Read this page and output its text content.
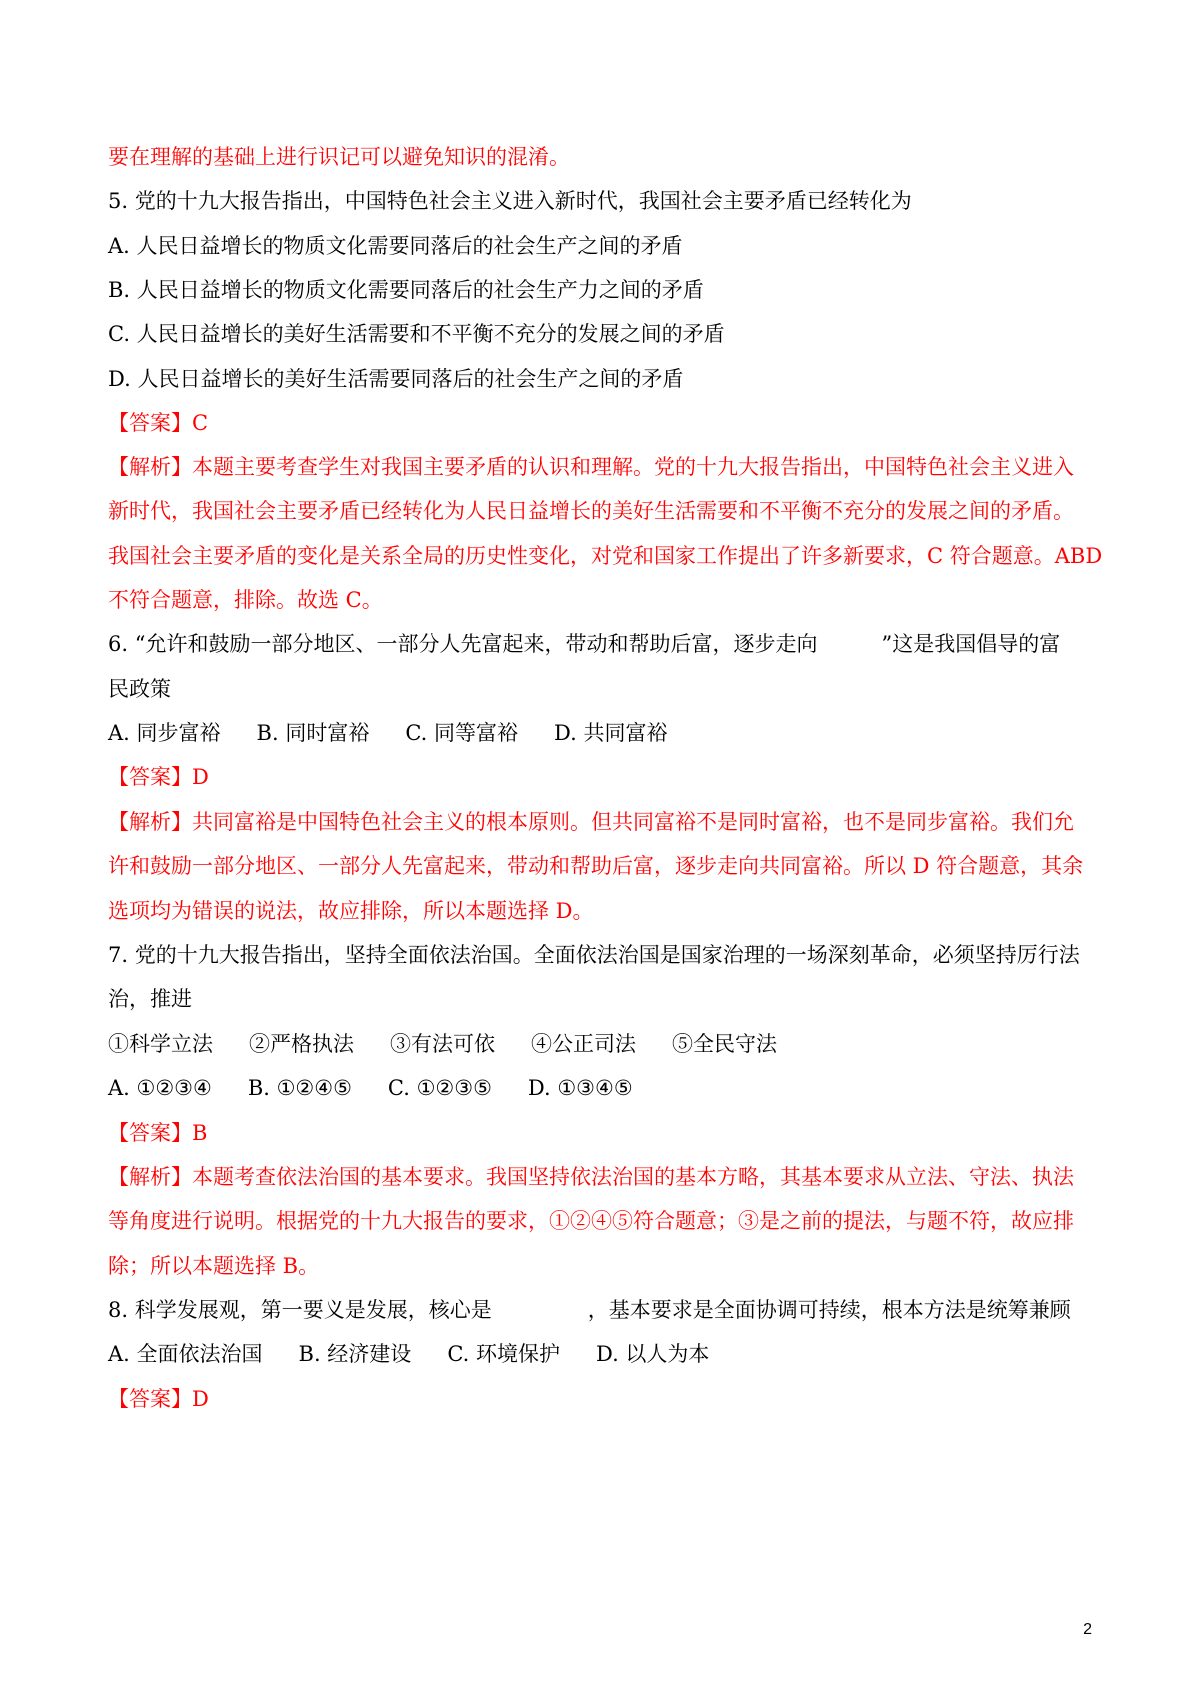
要在理解的基础上进行识记可以避免知识的混淆。
5. 党的十九大报告指出，中国特色社会主义进入新时代，我国社会主要矛盾已经转化为
A. 人民日益增长的物质文化需要同落后的社会生产之间的矛盾
B. 人民日益增长的物质文化需要同落后的社会生产力之间的矛盾
C. 人民日益增长的美好生活需要和不平衡不充分的发展之间的矛盾
D. 人民日益增长的美好生活需要同落后的社会生产之间的矛盾
【答案】C
【解析】本题主要考查学生对我国主要矛盾的认识和理解。党的十九大报告指出，中国特色社会主义进入
新时代，我国社会主要矛盾已经转化为人民日益增长的美好生活需要和不平衡不充分的发展之间的矛盾。
我国社会主要矛盾的变化是关系全局的历史性变化，对党和国家工作提出了许多新要求，C 符合题意。ABD
不符合题意，排除。故选 C。
6. “允许和鼓励一部分地区、一部分人先富起来，带动和帮助后富，逐步走向	”这是我国倡导的富
民政策
A. 同步富裕 B. 同时富裕 C. 同等富裕 D. 共同富裕
【答案】D
【解析】共同富裕是中国特色社会主义的根本原则。但共同富裕不是同时富裕，也不是同步富裕。我们允
许和鼓励一部分地区、一部分人先富起来，带动和帮助后富，逐步走向共同富裕。所以 D 符合题意，其余
选项均为错误的说法，故应排除，所以本题选择 D。
7. 党的十九大报告指出，坚持全面依法治国。全面依法治国是国家治理的一场深刻革命，必须坚持厉行法
治，推进
①科学立法 ②严格执法 ③有法可依 ④公正司法 ⑤全民守法
A. ①②③④ B. ①②④⑤ C. ①②③⑤ D. ①③④⑤
【答案】B
【解析】本题考查依法治国的基本要求。我国坚持依法治国的基本方略，其基本要求从立法、守法、执法
等角度进行说明。根据党的十九大报告的要求，①②④⑤符合题意；③是之前的提法，与题不符，故应排
除；所以本题选择 B。
8. 科学发展观，第一要义是发展，核心是	，基本要求是全面协调可持续，根本方法是统筹兼顾
A. 全面依法治国 B. 经济建设 C. 环境保护 D. 以人为本
【答案】D
2
